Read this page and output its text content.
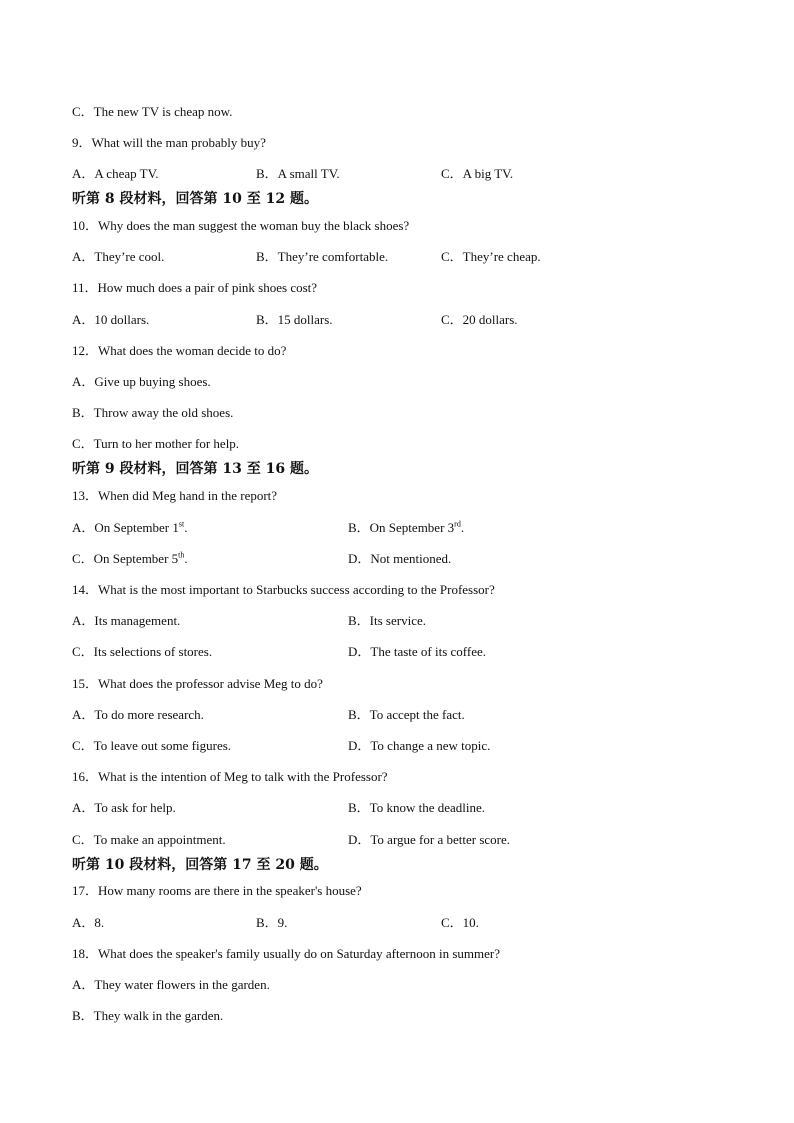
C．The new TV is cheap now.
9．What will the man probably buy?
A．A cheap TV.	B．A small TV.	C．A big TV.
听第 8 段材料，回答第 10 至 12 题。
10．Why does the man suggest the woman buy the black shoes?
A．They’re cool.	B．They’re comfortable.	C．They’re cheap.
11．How much does a pair of pink shoes cost?
A．10 dollars.	B．15 dollars.	C．20 dollars.
12．What does the woman decide to do?
A．Give up buying shoes.
B．Throw away the old shoes.
C．Turn to her mother for help.
听第 9 段材料，回答第 13 至 16 题。
13．When did Meg hand in the report?
A．On September 1st.	B．On September 3rd.
C．On September 5th.	D．Not mentioned.
14．What is the most important to Starbucks success according to the Professor?
A．Its management.	B．Its service.
C．Its selections of stores.	D．The taste of its coffee.
15．What does the professor advise Meg to do?
A．To do more research.	B．To accept the fact.
C．To leave out some figures.	D．To change a new topic.
16．What is the intention of Meg to talk with the Professor?
A．To ask for help.	B．To know the deadline.
C．To make an appointment.	D．To argue for a better score.
听第 10 段材料，回答第 17 至 20 题。
17．How many rooms are there in the speaker's house?
A．8.	B．9.	C．10.
18．What does the speaker's family usually do on Saturday afternoon in summer?
A．They water flowers in the garden.
B．They walk in the garden.
